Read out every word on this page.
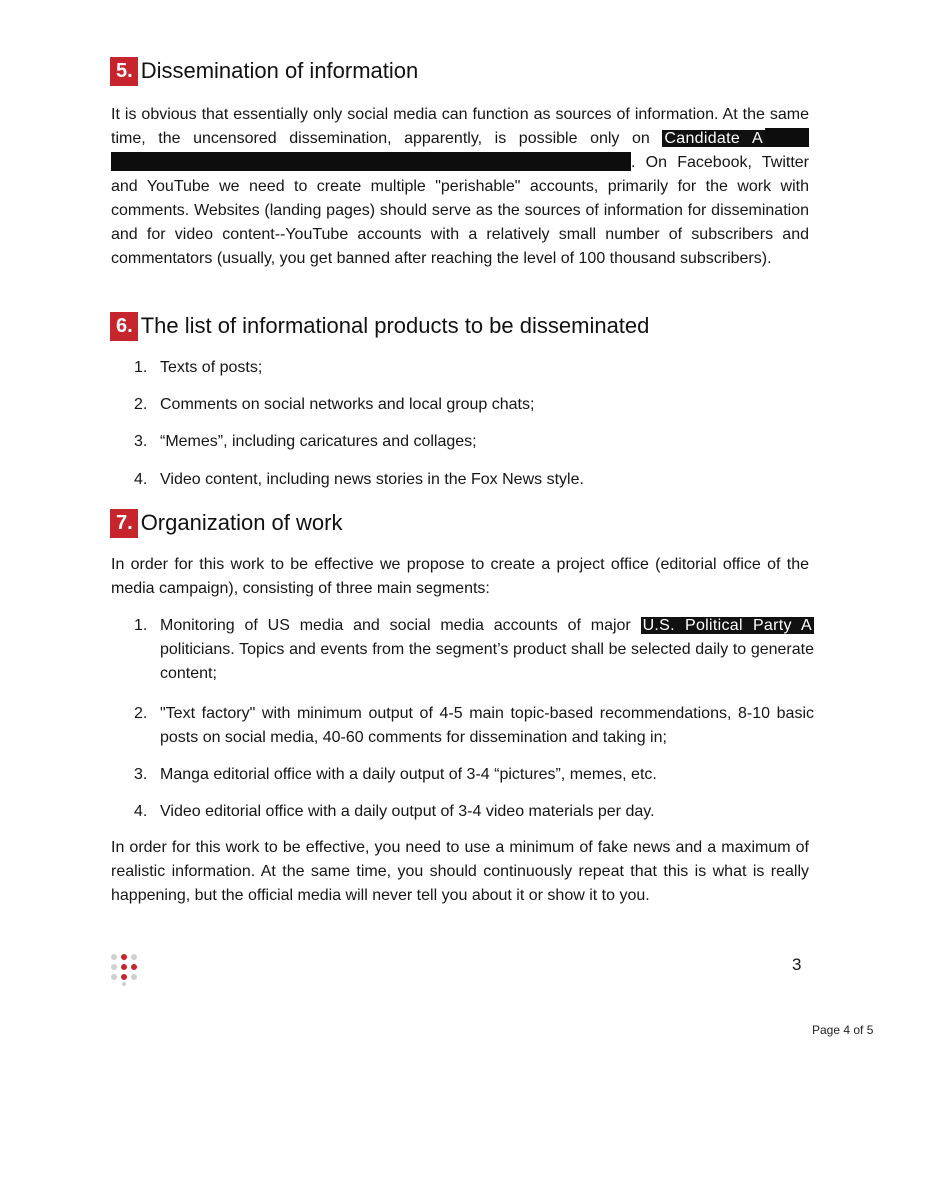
5. Dissemination of information

It is obvious that essentially only social media can function as sources of information. At the same time, the uncensored dissemination, apparently, is possible only on Candidate A. On Facebook, Twitter and YouTube we need to create multiple "perishable" accounts, primarily for the work with comments. Websites (landing pages) should serve as the sources of information for dissemination and for video content--YouTube accounts with a relatively small number of subscribers and commentators (usually, you get banned after reaching the level of 100 thousand subscribers).

6. The list of informational products to be disseminated
1. Texts of posts;
2. Comments on social networks and local group chats;
3. “Memes”, including caricatures and collages;
4. Video content, including news stories in the Fox News style.
7. Organization of work

In order for this work to be effective we propose to create a project office (editorial office of the media campaign), consisting of three main segments:

1. Monitoring of US media and social media accounts of major U.S. Political Party A politicians. Topics and events from the segment’s product shall be selected daily to generate content;
2. "Text factory" with minimum output of 4-5 main topic-based recommendations, 8-10 basic posts on social media, 40-60 comments for dissemination and taking in;
3. Manga editorial office with a daily output of 3-4 “pictures”, memes, etc.
4. Video editorial office with a daily output of 3-4 video materials per day.

In order for this work to be effective, you need to use a minimum of fake news and a maximum of realistic information. At the same time, you should continuously repeat that this is what is really happening, but the official media will never tell you about it or show it to you.

3
Page 4 of 5
